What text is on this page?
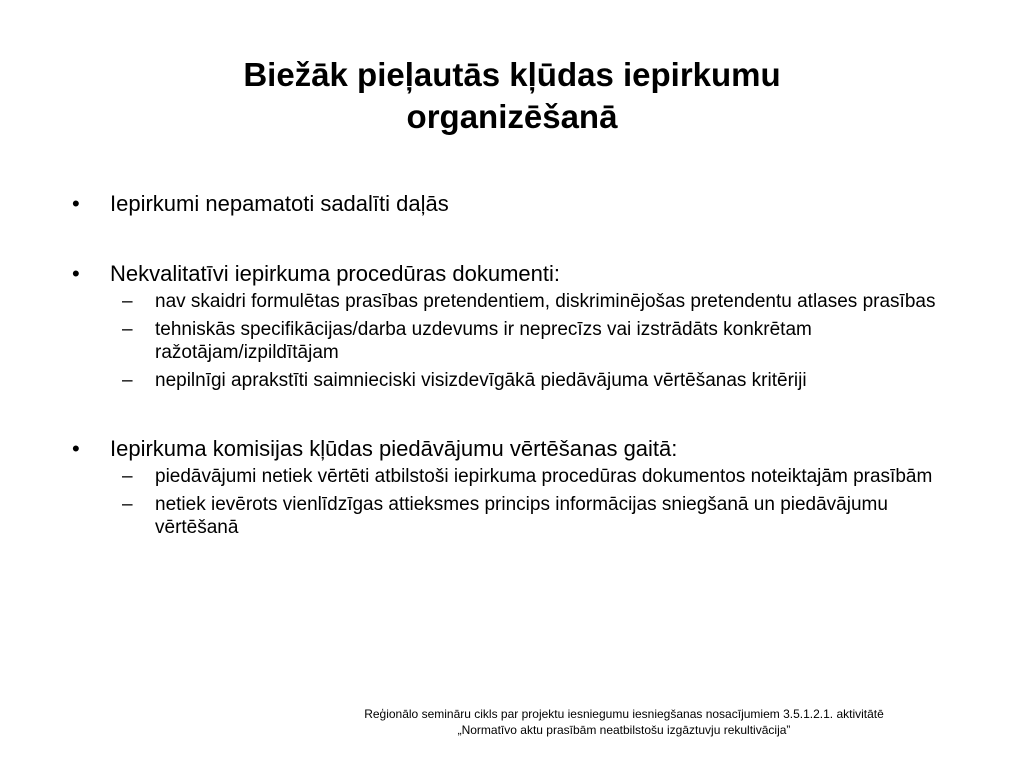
Biežāk pieļautās kļūdas iepirkumu
organizēšanā
•	Iepirkumi nepamatoti sadalīti daļās
•	Nekvalitatīvi iepirkuma procedūras dokumenti:
– nav skaidri formulētas prasības pretendentiem, diskriminējošas pretendentu atlases prasības
– tehniskās specifikācijas/darba uzdevums ir neprecīzs vai izstrādāts konkrētam ražotājam/izpildītājam
– nepilnīgi aprakstīti saimnieciski visizdevīgākā piedāvājuma vērtēšanas kritēriji
•	Iepirkuma komisijas kļūdas piedāvājumu vērtēšanas gaitā:
– piedāvājumi netiek vērtēti atbilstoši iepirkuma procedūras dokumentos noteiktajām prasībām
– netiek ievērots vienlīdzīgas attieksmes princips informācijas sniegšanā un piedāvājumu vērtēšanā
Reģionālo semināru cikls par projektu iesniegumu iesniegšanas nosacījumiem 3.5.1.2.1. aktivitātē
„Normatīvo aktu prasībām neatbilstošu izgāztuvju rekultivācija”
